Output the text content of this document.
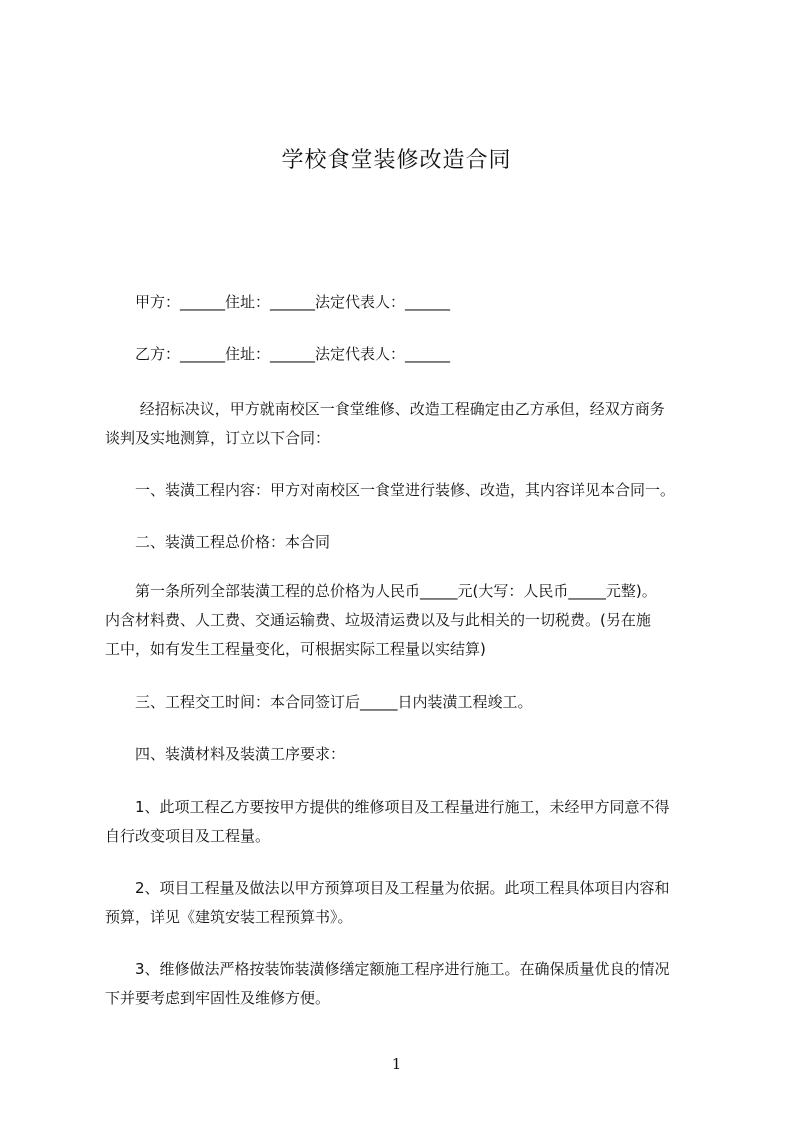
学校食堂装修改造合同

　　甲方：______住址：______法定代表人：______

　　乙方：______住址：______法定代表人：______

　　 经招标决议，甲方就南校区一食堂维修、改造工程确定由乙方承但，经双方商务

谈判及实地测算，订立以下合同：

　　一、装潢工程内容：甲方对南校区一食堂进行装修、改造，其内容详见本合同一。

　　二、装潢工程总价格：本合同

　　第一条所列全部装潢工程的总价格为人民币_____元(大写：人民币_____元整)。

内含材料费、人工费、交通运输费、垃圾清运费以及与此相关的一切税费。(另在施

工中，如有发生工程量变化，可根据实际工程量以实结算)

　　三、工程交工时间：本合同签订后_____日内装潢工程竣工。

　　四、装潢材料及装潢工序要求：

　　1、此项工程乙方要按甲方提供的维修项目及工程量进行施工，未经甲方同意不得

自行改变项目及工程量。

　　2、项目工程量及做法以甲方预算项目及工程量为依据。此项工程具体项目内容和

预算，详见《建筑安装工程预算书》。

　　3、维修做法严格按装饰装潢修缮定额施工程序进行施工。在确保质量优良的情况

下并要考虑到牢固性及维修方便。

1
